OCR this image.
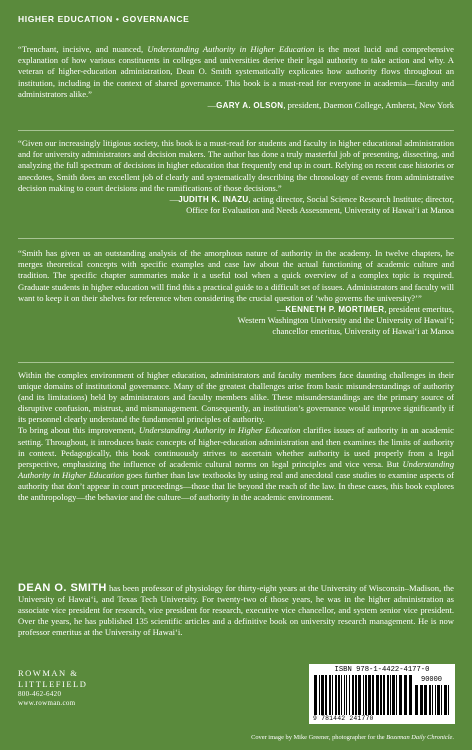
HIGHER EDUCATION • GOVERNANCE
“Trenchant, incisive, and nuanced, Understanding Authority in Higher Education is the most lucid and comprehensive explanation of how various constituents in colleges and universities derive their legal authority to take action and why. A veteran of higher-education administration, Dean O. Smith systematically explicates how authority flows throughout an institution, including in the context of shared governance. This book is a must-read for everyone in academia—faculty and administrators alike.”
—GARY A. OLSON, president, Daemon College, Amherst, New York
“Given our increasingly litigious society, this book is a must-read for students and faculty in higher educational administration and for university administrators and decision makers. The author has done a truly masterful job of presenting, dissecting, and analyzing the full spectrum of decisions in higher education that frequently end up in court. Relying on recent case histories or anecdotes, Smith does an excellent job of clearly and systematically describing the chronology of events from administrative decision making to court decisions and the ramifications of those decisions.”
—JUDITH K. INAZU, acting director, Social Science Research Institute; director,
Office for Evaluation and Needs Assessment, University of Hawai‘i at Manoa
“Smith has given us an outstanding analysis of the amorphous nature of authority in the academy. In twelve chapters, he merges theoretical concepts with specific examples and case law about the actual functioning of academic culture and tradition. The specific chapter summaries make it a useful tool when a quick overview of a complex topic is required. Graduate students in higher education will find this a practical guide to a difficult set of issues. Administrators and faculty will want to keep it on their shelves for reference when considering the crucial question of ‘who governs the university?’”
—KENNETH P. MORTIMER, president emeritus,
Western Washington University and the University of Hawai‘i;
chancellor emeritus, University of Hawai‘i at Manoa
Within the complex environment of higher education, administrators and faculty members face daunting challenges in their unique domains of institutional governance. Many of the greatest challenges arise from basic misunderstandings of authority (and its limitations) held by administrators and faculty members alike. These misunderstandings are the primary source of disruptive confusion, mistrust, and mismanagement. Consequently, an institution’s governance would improve significantly if its personnel clearly understand the fundamental principles of authority.
To bring about this improvement, Understanding Authority in Higher Education clarifies issues of authority in an academic setting. Throughout, it introduces basic concepts of higher-education administration and then examines the limits of authority in context. Pedagogically, this book continuously strives to ascertain whether authority is used properly from a legal perspective, emphasizing the influence of academic cultural norms on legal principles and vice versa. But Understanding Authority in Higher Education goes further than law textbooks by using real and anecdotal case studies to examine aspects of authority that don’t appear in court proceedings—those that lie beyond the reach of the law. In these cases, this book explores the anthropology—the behavior and the culture—of authority in the academic environment.
DEAN O. SMITH has been professor of physiology for thirty-eight years at the University of Wisconsin–Madison, the University of Hawai‘i, and Texas Tech University. For twenty-two of those years, he was in the higher administration as associate vice president for research, vice president for research, executive vice chancellor, and system senior vice president. Over the years, he has published 135 scientific articles and a definitive book on university research management. He is now professor emeritus at the University of Hawai‘i.
ROWMAN &
LITTLEFIELD
800-462-6420
www.rowman.com
ISBN 978-1-4422-4177-0
90000
9 781442 241770
Cover image by Mike Greener, photographer for the Bozeman Daily Chronicle.
